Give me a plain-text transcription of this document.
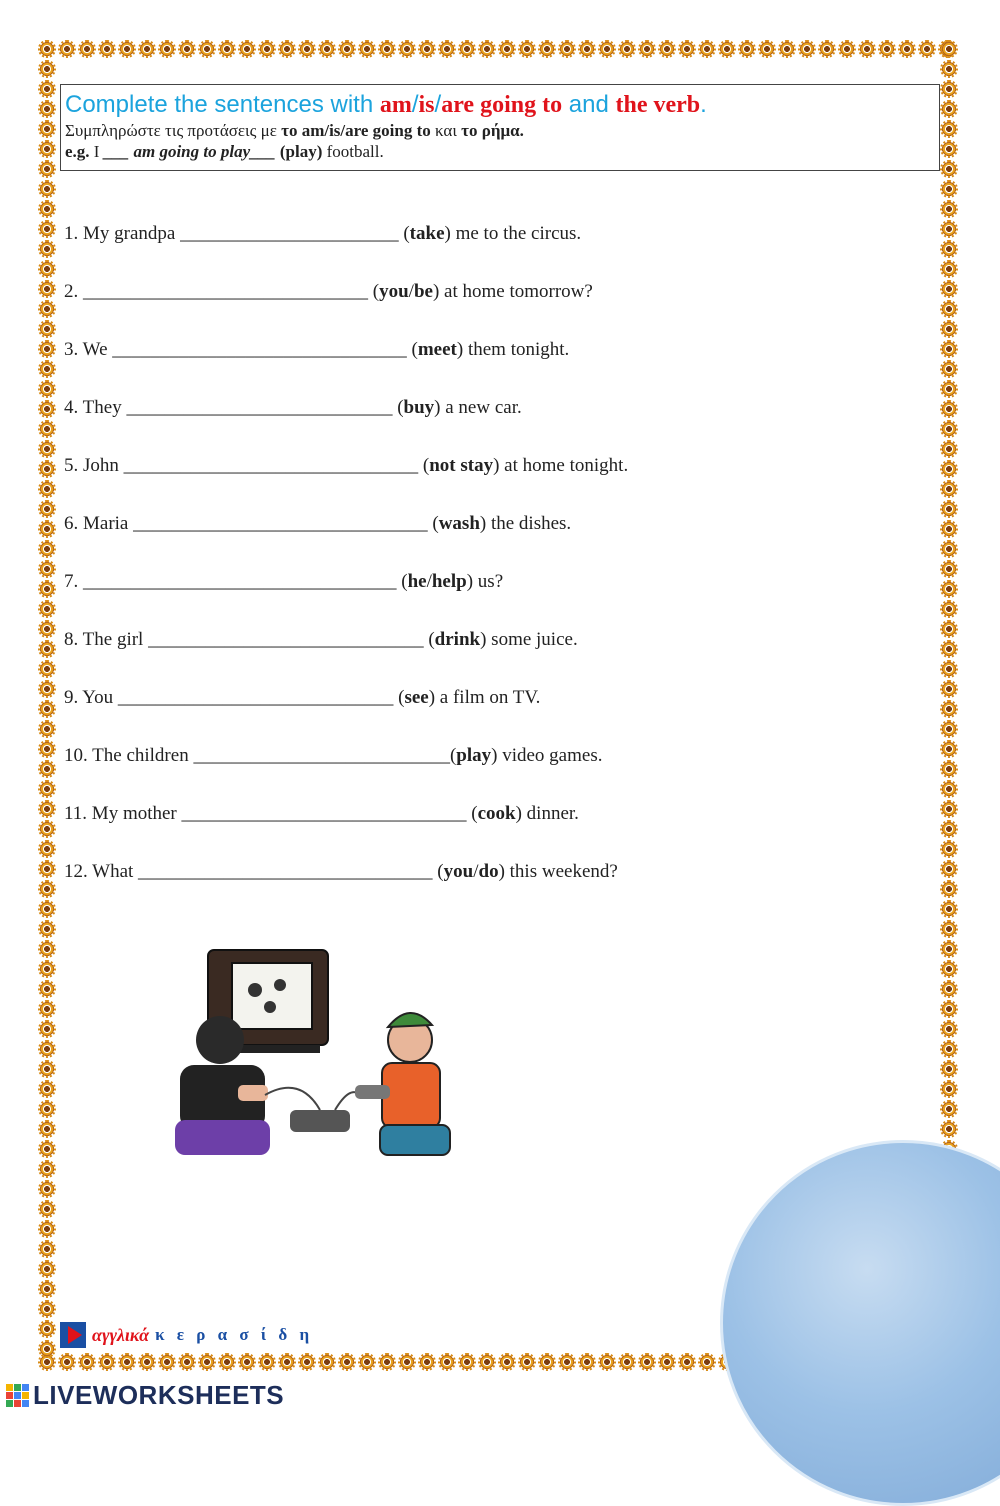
Complete the sentences with am/is/are going to and the verb.

Συμπληρώστε τις προτάσεις με το am/is/are going to και το ρήμα.

e.g. I ___ am going to play___ (play) football.

1. My grandpa _______________________ (take) me to the circus.
2. ______________________________ (you/be) at home tomorrow?
3. We _______________________________ (meet) them tonight.
4. They ____________________________ (buy) a new car.
5. John _______________________________ (not stay) at home tonight.
6. Maria _______________________________ (wash) the dishes.
7. _________________________________ (he/help) us?
8. The girl _____________________________ (drink) some juice.
9. You _____________________________ (see) a film on TV.
10. The children ___________________________(play) video games.
11. My mother ______________________________ (cook) dinner.
12. What _______________________________ (you/do) this weekend?
αγγλικά κ ε ρ α σ ί δ η
LIVEWORKSHEETS
